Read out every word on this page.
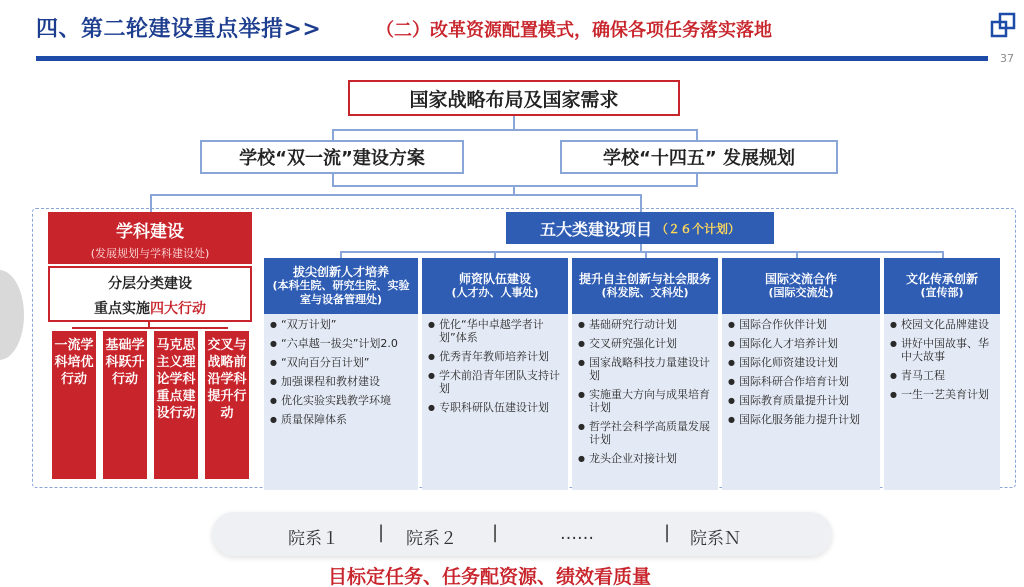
四、第二轮建设重点举措>>	（二）改革资源配置模式，确保各项任务落实落地
37
国家战略布局及国家需求
学校“双一流”建设方案	学校“十四五” 发展规划
学科建设
(发展规划与学科建设处)
分层分类建设
重点实施四大行动
一流学科培优行动
基础学科跃升行动
马克思主义理论学科重点建设行动
交叉与战略前沿学科提升行动
五大类建设项目 （２６个计划）
拔尖创新人才培养
(本科生院、研究生院、实验室与设备管理处)
● “双万计划”
● “六卓越一拔尖”计划2.0
● “双向百分百计划”
● 加强课程和教材建设
● 优化实验实践教学环境
● 质量保障体系
师资队伍建设
(人才办、人事处)
● 优化“华中卓越学者计划”体系
● 优秀青年教师培养计划
● 学术前沿青年团队支持计划
● 专职科研队伍建设计划
提升自主创新与社会服务
(科发院、文科处)
● 基础研究行动计划
● 交叉研究强化计划
● 国家战略科技力量建设计划
● 实施重大方向与成果培育计划
● 哲学社会科学高质量发展计划
● 龙头企业对接计划
国际交流合作
(国际交流处)
● 国际合作伙伴计划
● 国际化人才培养计划
● 国际化师资建设计划
● 国际科研合作培育计划
● 国际教育质量提升计划
● 国际化服务能力提升计划
文化传承创新
(宣传部)
● 校园文化品牌建设
● 讲好中国故事、华中大故事
● 青马工程
● 一生一艺美育计划
院系１ | 院系２ |	……	| 院系Ｎ
目标定任务、任务配资源、绩效看质量
